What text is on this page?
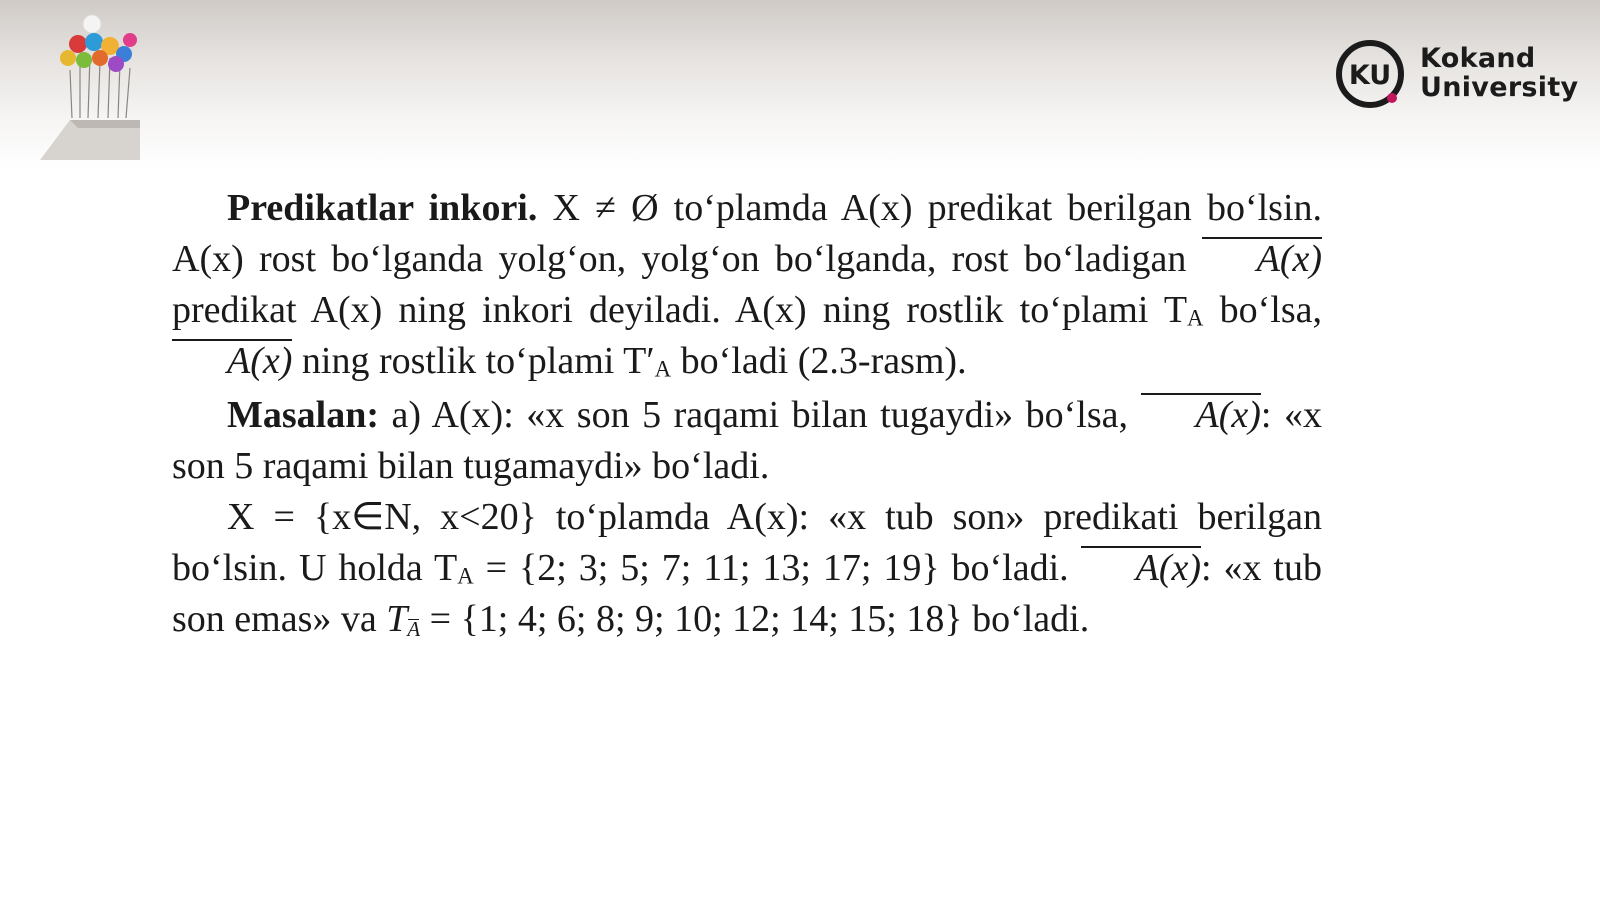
KU
Kokand
University

Predikatlar inkori. X ≠ Ø to‘plamda A(x) predikat berilgan bo‘lsin. A(x) rost bo‘lganda yolg‘on, yolg‘on bo‘lganda, rost bo‘ladigan A(x) predikat A(x) ning inkori deyiladi. A(x) ning rostlik to‘plami $T_A$ bo‘lsa, A(x) ning rostlik to‘plami $T'_A$ bo‘ladi (2.3-rasm).

Masalan: a) A(x): «x son 5 raqami bilan tugaydi» bo‘lsa, A(x): «x son 5 raqami bilan tugamaydi» bo‘ladi.

X = {x∈N, x<20} to‘plamda A(x): «x tub son» predikati berilgan bo‘lsin. U holda $T_A = \{2$; 3; 5; 7; 11; 13; 17; 19} bo‘ladi. A(x): «x tub son emas» va TA = {1; 4; 6; 8; 9; 10; 12; 14; 15; 18} bo‘ladi.
